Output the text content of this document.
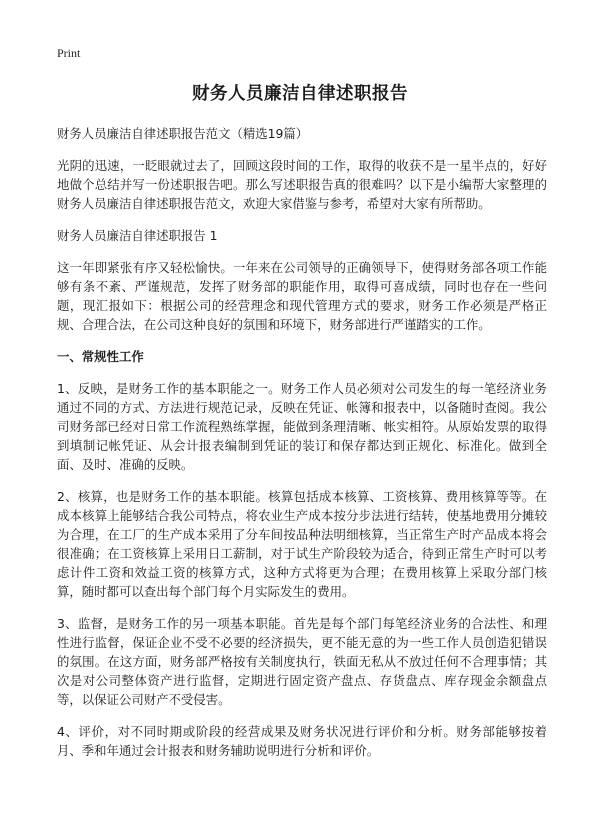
Print
财务人员廉洁自律述职报告

财务人员廉洁自律述职报告范文（精选19篇）

光阴的迅速，一眨眼就过去了，回顾这段时间的工作，取得的收获不是一星半点的，好好地做个总结并写一份述职报告吧。那么写述职报告真的很难吗？以下是小编帮大家整理的财务人员廉洁自律述职报告范文，欢迎大家借鉴与参考，希望对大家有所帮助。

财务人员廉洁自律述职报告 1

这一年即紧张有序又轻松愉快。一年来在公司领导的正确领导下，使得财务部各项工作能够有条不紊、严谨规范，发挥了财务部的职能作用，取得可喜成绩，同时也存在一些问题，现汇报如下：根据公司的经营理念和现代管理方式的要求，财务工作必须是严格正规、合理合法，在公司这种良好的氛围和环境下，财务部进行严谨踏实的工作。

一、常规性工作

1、反映，是财务工作的基本职能之一。财务工作人员必须对公司发生的每一笔经济业务通过不同的方式、方法进行规范记录，反映在凭证、帐簿和报表中，以备随时查阅。我公司财务部已经对日常工作流程熟练掌握，能做到条理清晰、帐实相符。从原始发票的取得到填制记帐凭证、从会计报表编制到凭证的装订和保存都达到正规化、标准化。做到全面、及时、准确的反映。

2、核算，也是财务工作的基本职能。核算包括成本核算、工资核算、费用核算等等。在成本核算上能够结合我公司特点，将农业生产成本按分步法进行结转，使基地费用分摊较为合理，在工厂的生产成本采用了分车间按品种法明细核算，当正常生产时产品成本将会很准确；在工资核算上采用日工薪制，对于试生产阶段较为适合，待到正常生产时可以考虑计件工资和效益工资的核算方式，这种方式将更为合理；在费用核算上采取分部门核算，随时都可以查出每个部门每个月实际发生的费用。

3、监督，是财务工作的另一项基本职能。首先是每个部门每笔经济业务的合法性、和理性进行监督，保证企业不受不必要的经济损失，更不能无意的为一些工作人员创造犯错误的氛围。在这方面，财务部严格按有关制度执行，铁面无私从不放过任何不合理事情；其次是对公司整体资产进行监督，定期进行固定资产盘点、存货盘点、库存现金余额盘点等，以保证公司财产不受侵害。

4、评价，对不同时期或阶段的经营成果及财务状况进行评价和分析。财务部能够按着月、季和年通过会计报表和财务辅助说明进行分析和评价。
